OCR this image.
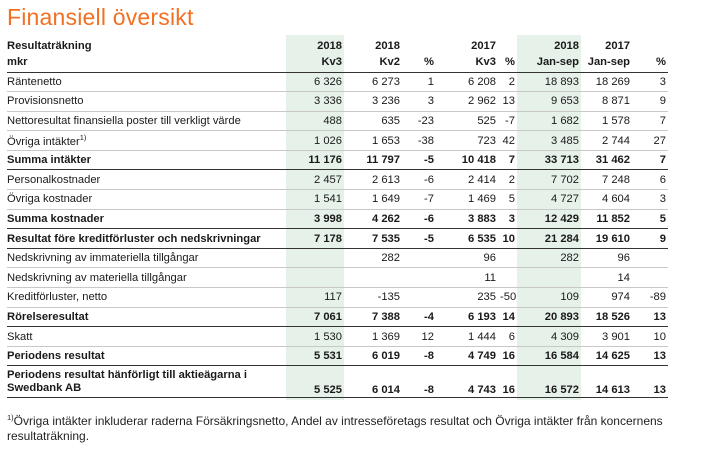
Finansiell översikt
Resultaträkning	2018	2018		2017		2018	2017	
mkr	Kv3	Kv2	%	Kv3	%	Jan-sep	Jan-sep	%
Räntenetto	6 326	6 273	1	6 208	2	18 893	18 269	3
Provisionsnetto	3 336	3 236	3	2 962	13	9 653	8 871	9
Nettoresultat finansiella poster till verkligt värde	488	635	-23	525	-7	1 682	1 578	7
Övriga intäkter$^{1)}$	1 026	1 653	-38	723	42	3 485	2 744	27
Summa intäkter	11 176	11 797	-5	10 418	7	33 713	31 462	7
Personalkostnader	2 457	2 613	-6	2 414	2	7 702	7 248	6
Övriga kostnader	1 541	1 649	-7	1 469	5	4 727	4 604	3
Summa kostnader	3 998	4 262	-6	3 883	3	12 429	11 852	5
Resultat före kreditförluster och nedskrivningar	7 178	7 535	-5	6 535	10	21 284	19 610	9
Nedskrivning av immateriella tillgångar		282		96		282	96	
Nedskrivning av materiella tillgångar				11			14	
Kreditförluster, netto	117	-135		235	-50	109	974	-89
Rörelseresultat	7 061	7 388	-4	6 193	14	20 893	18 526	13
Skatt	1 530	1 369	12	1 444	6	4 309	3 901	10
Periodens resultat	5 531	6 019	-8	4 749	16	16 584	14 625	13
Periodens resultat hänförligt till aktieägarna i
Swedbank AB	5 525	6 014	-8	4 743	16	16 572	14 613	13
$^{1)}$Övriga intäkter inkluderar raderna Försäkringsnetto, Andel av intresseföretags resultat och Övriga intäkter från koncernens resultaträkning.
